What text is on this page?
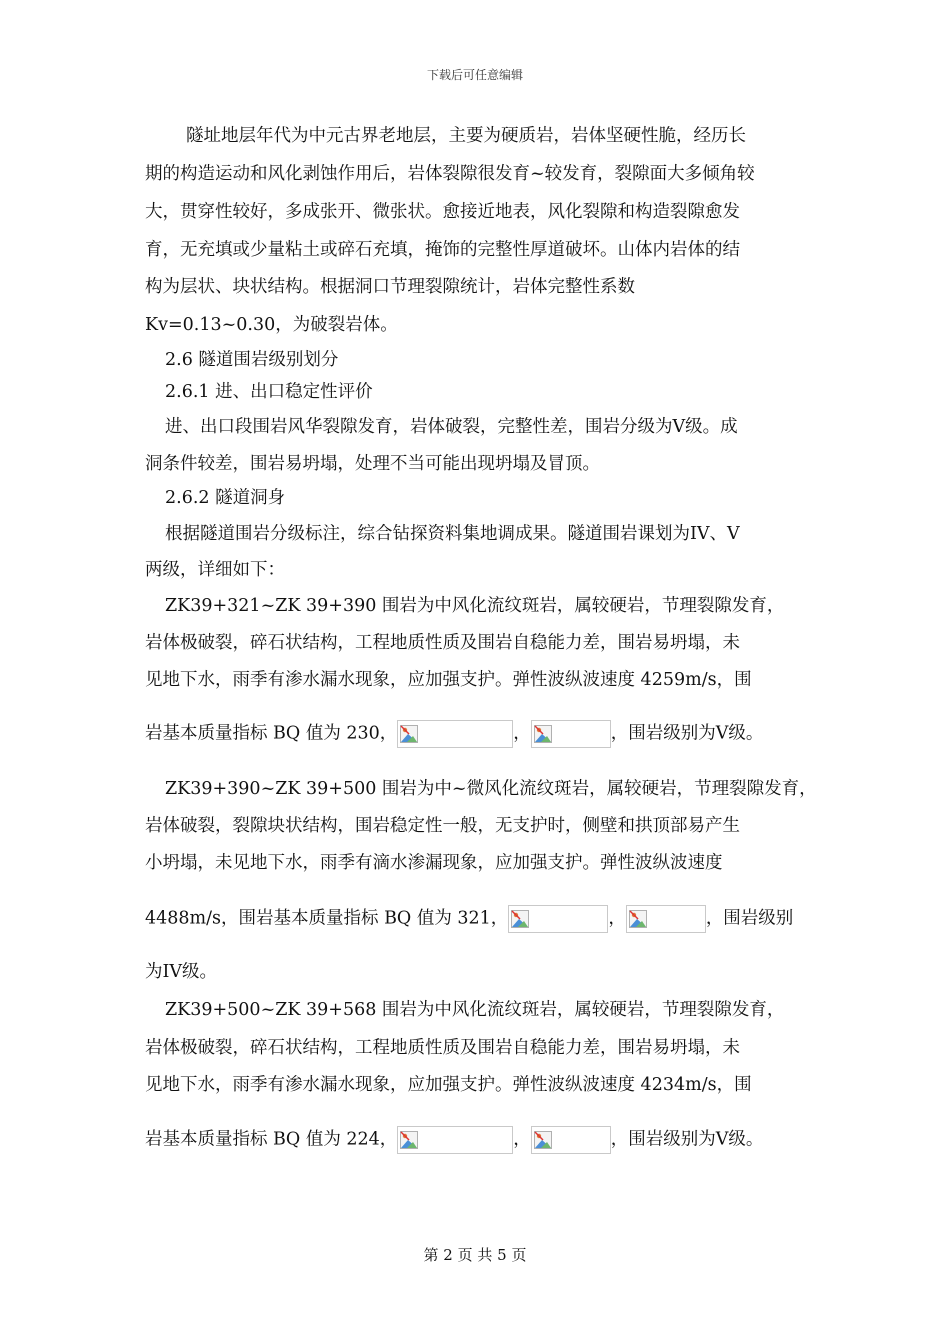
下载后可任意编辑
隧址地层年代为中元古界老地层，主要为硬质岩，岩体坚硬性脆，经历长
期的构造运动和风化剥蚀作用后，岩体裂隙很发育~较发育，裂隙面大多倾角较
大，贯穿性较好，多成张开、微张状。愈接近地表，风化裂隙和构造裂隙愈发
育，无充填或少量粘土或碎石充填，掩饰的完整性厚道破坏。山体内岩体的结
构为层状、块状结构。根据洞口节理裂隙统计，岩体完整性系数
Kv=0.13~0.30，为破裂岩体。
2.6 隧道围岩级别划分
2.6.1 进、出口稳定性评价
进、出口段围岩风华裂隙发育，岩体破裂，完整性差，围岩分级为V级。成
洞条件较差，围岩易坍塌，处理不当可能出现坍塌及冒顶。
2.6.2 隧道洞身
根据隧道围岩分级标注，综合钻探资料集地调成果。隧道围岩课划为IV、V
两级，详细如下：
ZK39+321~ZK 39+390 围岩为中风化流纹斑岩，属较硬岩，节理裂隙发育，
岩体极破裂，碎石状结构，工程地质性质及围岩自稳能力差，围岩易坍塌，未
见地下水，雨季有渗水漏水现象，应加强支护。弹性波纵波速度 4259m/s，围
岩基本质量指标 BQ 值为 230，	，	，围岩级别为Ⅴ级。
ZK39+390~ZK 39+500 围岩为中~微风化流纹斑岩，属较硬岩，节理裂隙发育，
岩体破裂，裂隙块状结构，围岩稳定性一般，无支护时，侧壁和拱顶部易产生
小坍塌，未见地下水，雨季有滴水渗漏现象，应加强支护。弹性波纵波速度
4488m/s，围岩基本质量指标 BQ 值为 321，	，	，围岩级别
为IV级。
ZK39+500~ZK 39+568 围岩为中风化流纹斑岩，属较硬岩，节理裂隙发育，
岩体极破裂，碎石状结构，工程地质性质及围岩自稳能力差，围岩易坍塌，未
见地下水，雨季有渗水漏水现象，应加强支护。弹性波纵波速度 4234m/s，围
岩基本质量指标 BQ 值为 224，	，	，围岩级别为Ⅴ级。
第 2 页 共 5 页
